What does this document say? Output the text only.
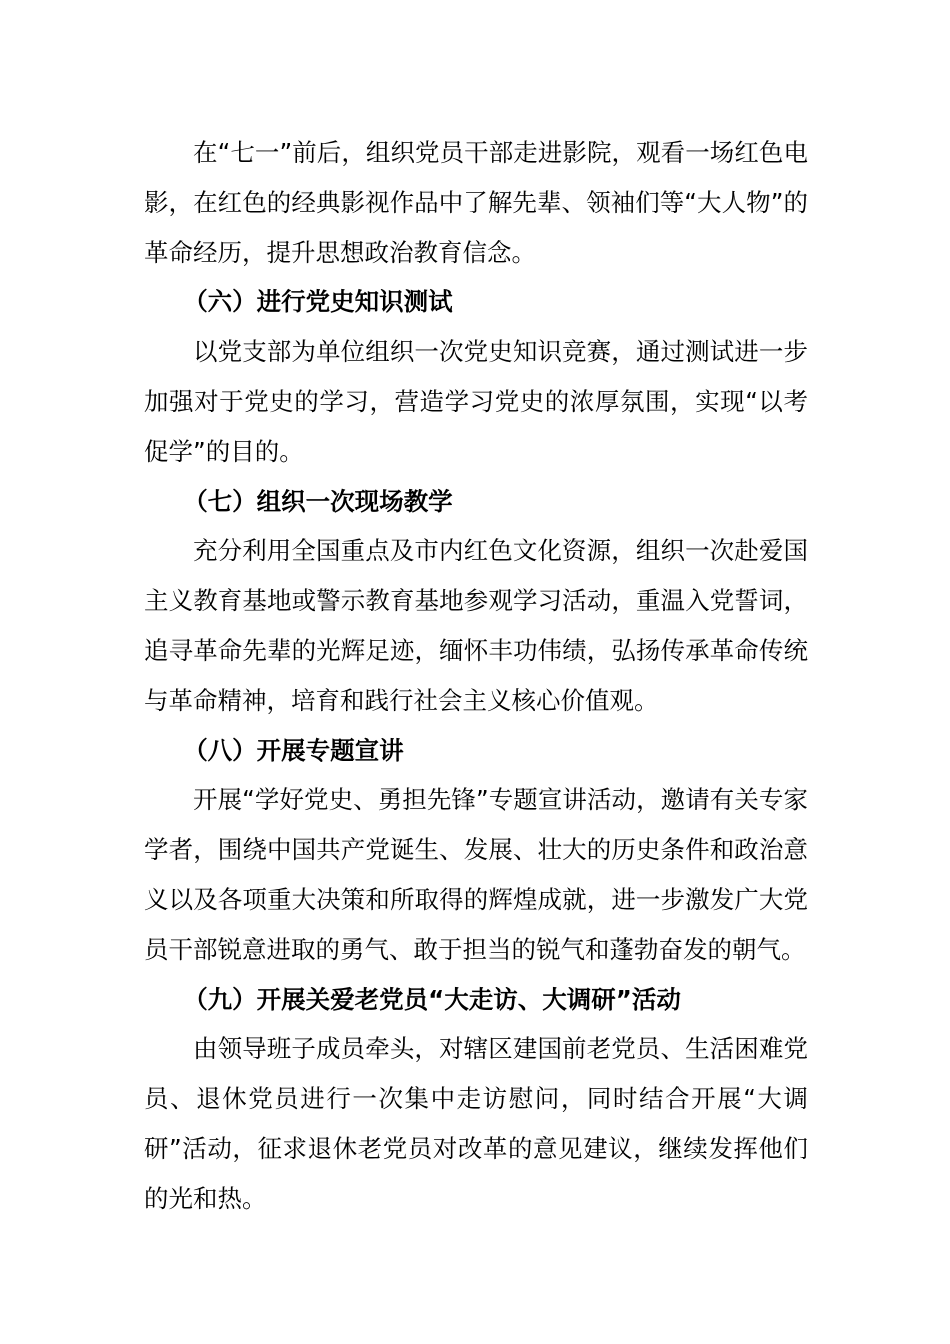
在“七一”前后，组织党员干部走进影院，观看一场红色电影，在红色的经典影视作品中了解先辈、领袖们等“大人物”的革命经历，提升思想政治教育信念。

（六）进行党史知识测试

以党支部为单位组织一次党史知识竞赛，通过测试进一步加强对于党史的学习，营造学习党史的浓厚氛围，实现“以考促学”的目的。

（七）组织一次现场教学

充分利用全国重点及市内红色文化资源，组织一次赴爱国主义教育基地或警示教育基地参观学习活动，重温入党誓词，追寻革命先辈的光辉足迹，缅怀丰功伟绩，弘扬传承革命传统与革命精神，培育和践行社会主义核心价值观。

（八）开展专题宣讲

开展“学好党史、勇担先锋”专题宣讲活动，邀请有关专家学者，围绕中国共产党诞生、发展、壮大的历史条件和政治意义以及各项重大决策和所取得的辉煌成就，进一步激发广大党员干部锐意进取的勇气、敢于担当的锐气和蓬勃奋发的朝气。

（九）开展关爱老党员“大走访、大调研”活动

由领导班子成员牵头，对辖区建国前老党员、生活困难党员、退休党员进行一次集中走访慰问，同时结合开展“大调研”活动，征求退休老党员对改革的意见建议，继续发挥他们的光和热。
